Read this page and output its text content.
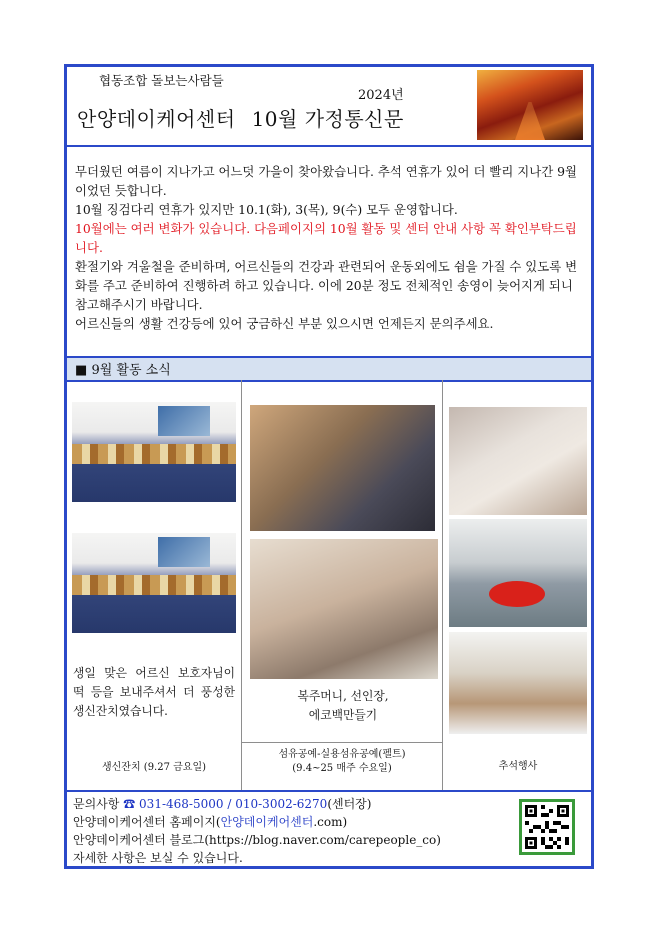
협동조합 돌보는사람들
2024년
안양데이케어센터 10월 가정통신문

무더웠던 여름이 지나가고 어느덧 가을이 찾아왔습니다. 추석 연휴가 있어 더 빨리 지나간 9월이었던 듯합니다.

10월 징검다리 연휴가 있지만 10.1(화), 3(목), 9(수) 모두 운영합니다.

10월에는 여러 변화가 있습니다. 다음페이지의 10월 활동 및 센터 안내 사항 꼭 확인부탁드립니다.

환절기와 겨울철을 준비하며, 어르신들의 건강과 관련되어 운동외에도 쉼을 가질 수 있도록 변화를 주고 준비하여 진행하려 하고 있습니다. 이에 20분 정도 전체적인 송영이 늦어지게 되니 참고해주시기 바랍니다.

어르신들의 생활 건강등에 있어 궁금하신 부분 있으시면 언제든지 문의주세요.

■ 9월 활동 소식
생일 맞은 어르신 보호자님이 떡 등을 보내주셔서 더 풍성한 생신잔치였습니다.
생신잔치 (9.27 금요일)
복주머니, 선인장,
에코백만들기
섬유공예-실용섬유공예(펠트)
(9.4~25 매주 수요일)	추석행사

문의사항 ☎ 031-468-5000 / 010-3002-6270(센터장)

안양데이케어센터 홈페이지(안양데이케어센터.com)

안양데이케어센터 블로그(https://blog.naver.com/carepeople_co)

자세한 사항은 보실 수 있습니다.
